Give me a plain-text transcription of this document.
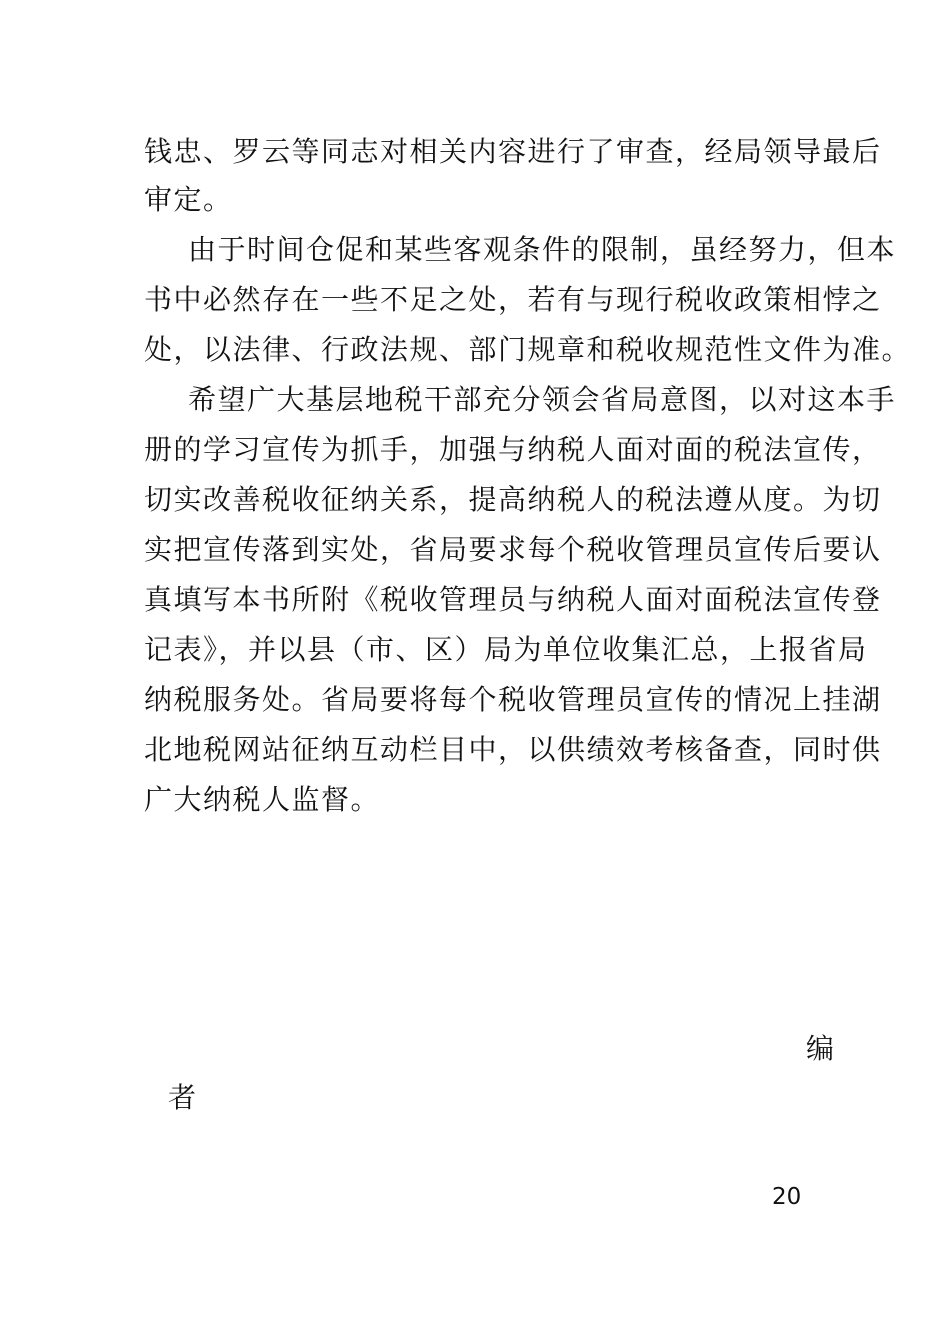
钱忠、罗云等同志对相关内容进行了审查，经局领导最后
审定。
由于时间仓促和某些客观条件的限制，虽经努力，但本
书中必然存在一些不足之处，若有与现行税收政策相悖之
处，以法律、行政法规、部门规章和税收规范性文件为准。
希望广大基层地税干部充分领会省局意图，以对这本手
册的学习宣传为抓手，加强与纳税人面对面的税法宣传，
切实改善税收征纳关系，提高纳税人的税法遵从度。为切
实把宣传落到实处，省局要求每个税收管理员宣传后要认
真填写本书所附《税收管理员与纳税人面对面税法宣传登
记表》，并以县（市、区）局为单位收集汇总，上报省局
纳税服务处。省局要将每个税收管理员宣传的情况上挂湖
北地税网站征纳互动栏目中，以供绩效考核备查，同时供
广大纳税人监督。
编
者
20
